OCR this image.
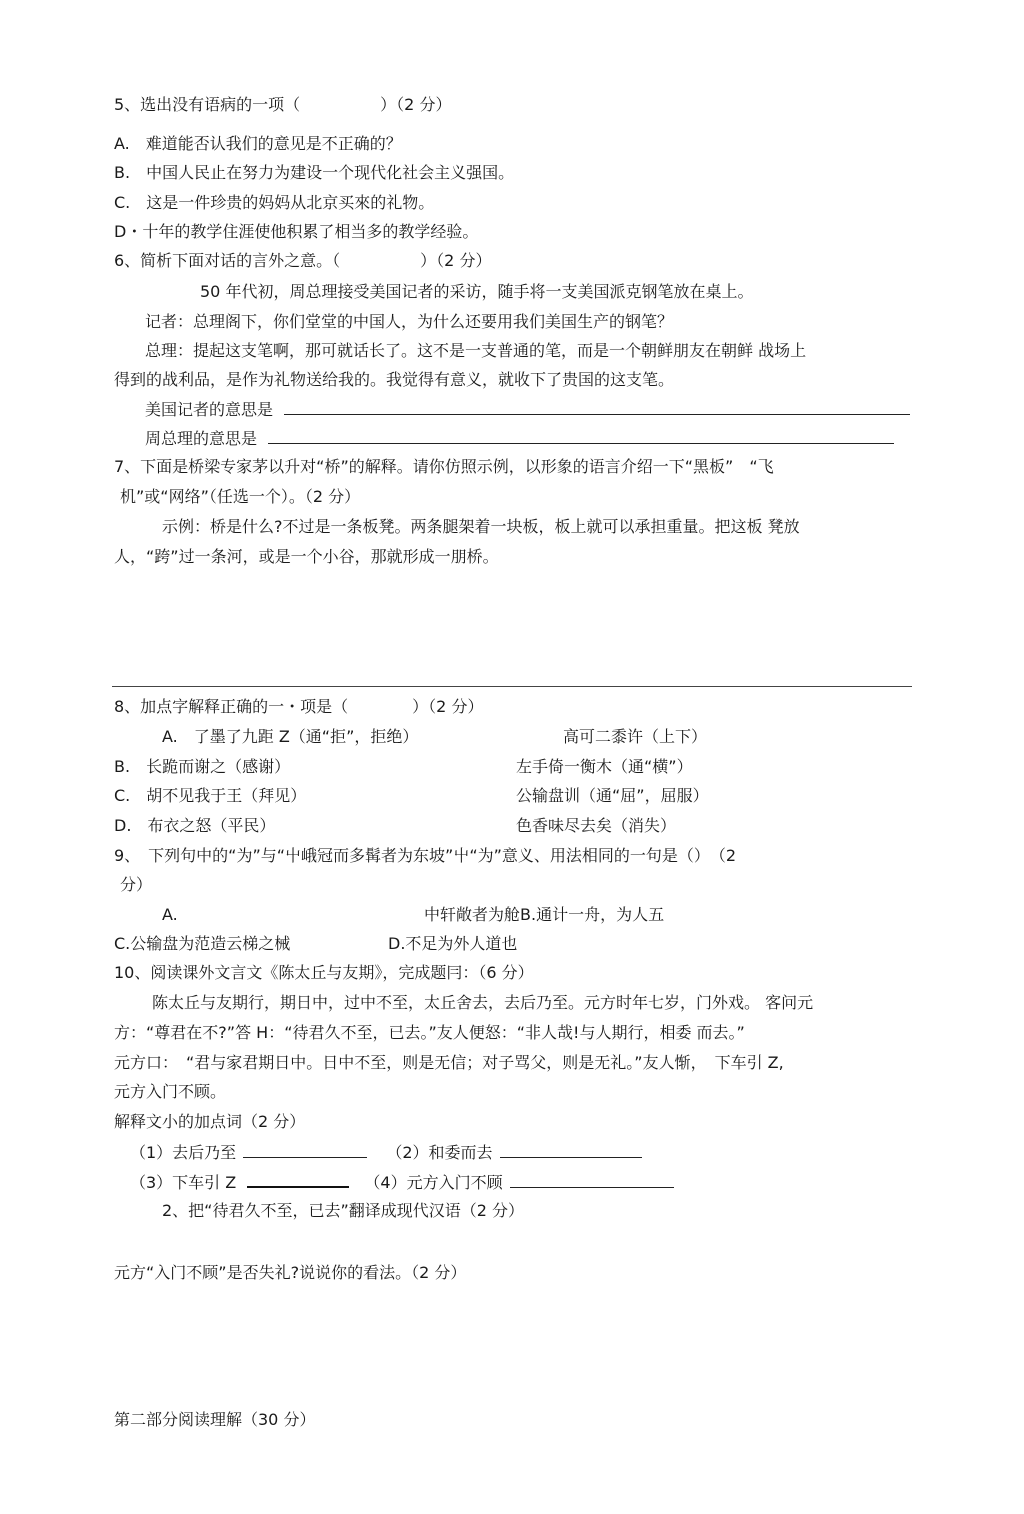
5、选出没有语病的一项（　　　　　）（2 分）
A.　难道能否认我们的意见是不正确的？
B.　中国人民止在努力为建设一个现代化社会主义强国。
C.　这是一件珍贵的妈妈从北京买來的礼物。
D・十年的教学住涯使他积累了相当多的教学经验。
6、简析下面对话的言外之意。（　　　　　）（2 分）
50 年代初，周总理接受美国记者的采访，随手将一支美国派克钢笔放在桌上。
记者：总理阁下，你们堂堂的中国人，为什么还要用我们美国生产的钢笔？
总理：提起这支笔啊，那可就话长了。这不是一支普通的笔，而是一个朝鲜朋友在朝鲜 战场上
得到的战利品，是作为礼物送给我的。我觉得有意义，就收下了贵国的这支笔。
美国记者的意思是
周总理的意思是
7、下面是桥梁专家茅以升对“桥”的解释。请你仿照示例，以形象的语言介绍一下“黑板”　“飞
机”或“网络”（任选一个）。（2 分）
示例：桥是什么?不过是一条板凳。两条腿架着一块板，板上就可以承担重量。把这板 凳放
人，“跨”过一条河，或是一个小谷，那就形成一朋桥。
8、加点字解释正确的一・项是（　　　　）（2 分）
A.　了墨了九距 Z（通“拒”，拒绝）	高可二黍许（上下）
B.　长跪而谢之（感谢）	左手倚一衡木（通“横”）
C.　胡不见我于王（拜见）	公输盘训（通“屈”，屈服）
D.　布衣之怒（平民）	色香味尽去矣（消失）
9、　下列句中的“为”与“屮峨冠而多髯者为东坡”屮“为”意义、用法相同的一句是（）　（2
分）
A.	中轩敞者为舱B.通计一舟，为人五
C.公输盘为范造云梯之械	D.不足为外人道也
10、阅读课外文言文《陈太丘与友期》，完成题冃：（6 分）
陈太丘与友期行，期日中，过中不至，太丘舍去，去后乃至。元方时年七岁，门外戏。 客问元
方：“尊君在不?”答 H：“待君久不至，已去。”友人便怒：“非人哉!与人期行，相委 而去。”
元方口：　“君与家君期日中。日中不至，则是无信；对子骂父，则是无礼。”友人惭，　下车引 Z,
元方入门不顾。
解释文小的加点词（2 分）
（1）去后乃至	（2）和委而去
（3）下车引 Z	（4）元方入门不顾
2、把“待君久不至，已去”翻译成现代汉语（2 分）
元方“入门不顾”是否失礼?说说你的看法。（2 分）
第二部分阅读理解（30 分）
